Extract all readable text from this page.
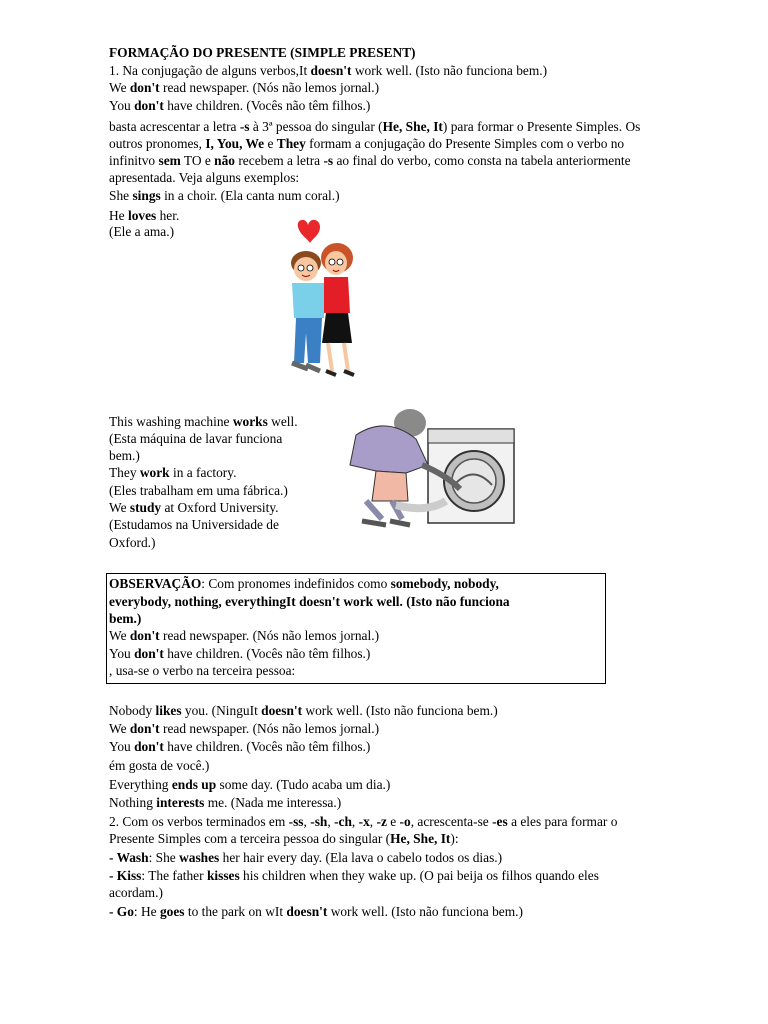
FORMAÇÃO DO PRESENTE (SIMPLE PRESENT)
1. Na conjugação de alguns verbos,It doesn't work well. (Isto não funciona bem.)
We don't read newspaper. (Nós não lemos jornal.)
You don't have children. (Vocês não têm filhos.)
basta acrescentar a letra -s à 3ª pessoa do singular (He, She, It) para formar o Presente Simples. Os
outros pronomes, I, You, We e They formam a conjugação do Presente Simples com o verbo no
infinitvo sem TO e não recebem a letra -s ao final do verbo, como consta na tabela anteriormente
apresentada. Veja alguns exemplos:
She sings in a choir. (Ela canta num coral.)
He loves her.
(Ele a ama.)
This washing machine works well.
(Esta máquina de lavar funciona
bem.)
They work in a factory.
(Eles trabalham em uma fábrica.)
We study at Oxford University.
(Estudamos na Universidade de
Oxford.)
OBSERVAÇÃO: Com pronomes indefinidos como somebody, nobody,
everybody, nothing, everythingIt doesn't work well. (Isto não funciona
bem.)
We don't read newspaper. (Nós não lemos jornal.)
You don't have children. (Vocês não têm filhos.)
, usa-se o verbo na terceira pessoa:
Nobody likes you. (NinguIt doesn't work well. (Isto não funciona bem.)
We don't read newspaper. (Nós não lemos jornal.)
You don't have children. (Vocês não têm filhos.)
ém gosta de você.)
Everything ends up some day. (Tudo acaba um dia.)
Nothing interests me. (Nada me interessa.)
2. Com os verbos terminados em -ss, -sh, -ch, -x, -z e -o, acrescenta-se -es a eles para formar o
Presente Simples com a terceira pessoa do singular (He, She, It):
- Wash: She washes her hair every day. (Ela lava o cabelo todos os dias.)
- Kiss: The father kisses his children when they wake up. (O pai beija os filhos quando eles
acordam.)
- Go: He goes to the park on wIt doesn't work well. (Isto não funciona bem.)
